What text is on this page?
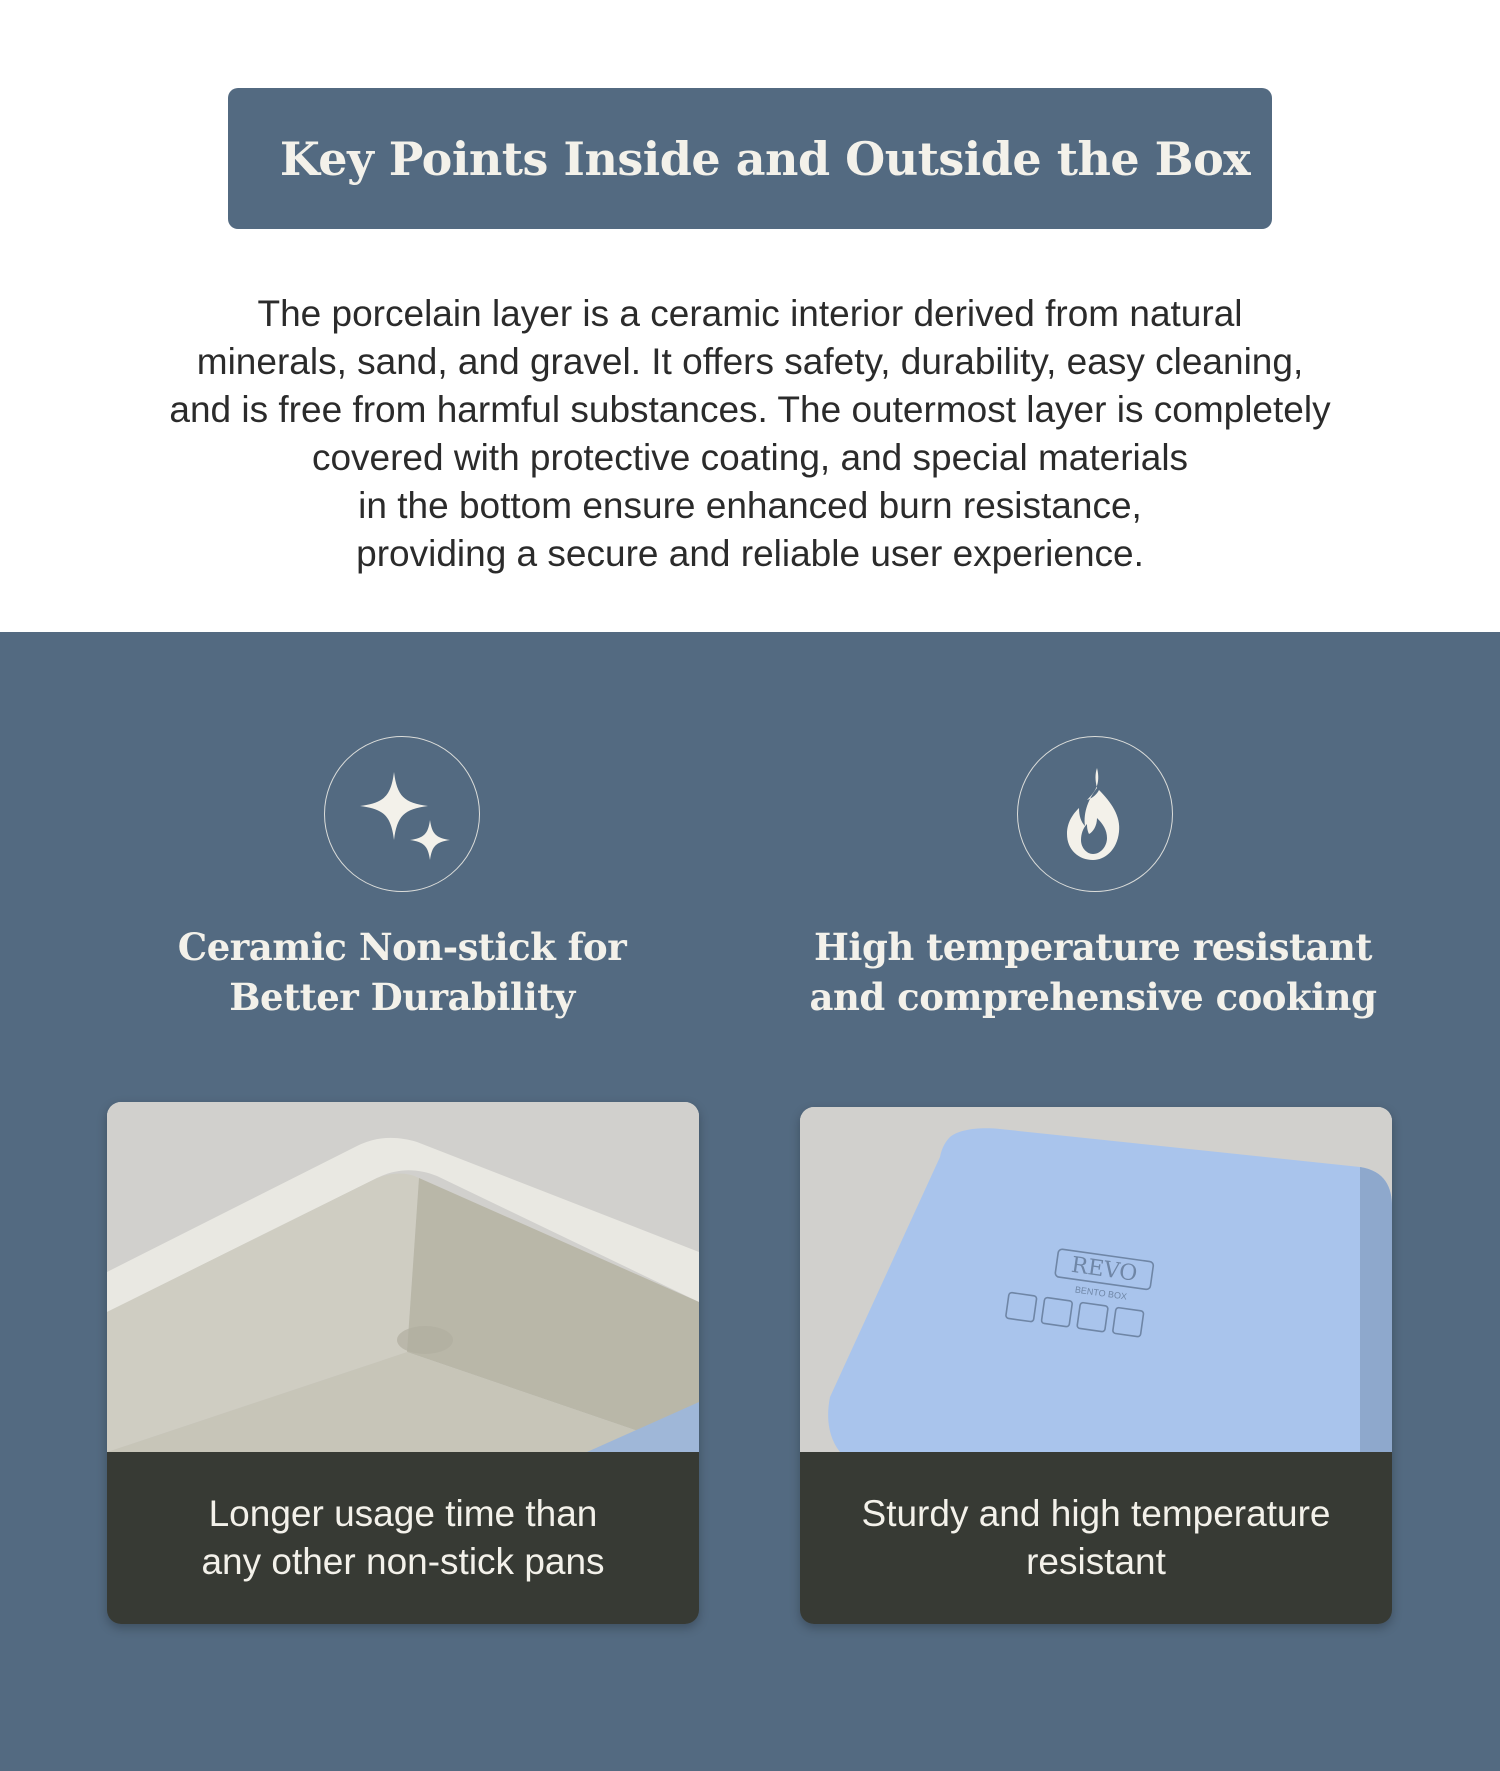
Key Points Inside and Outside the Box
The porcelain layer is a ceramic interior derived from natural
minerals, sand, and gravel. It offers safety, durability, easy cleaning,
and is free from harmful substances. The outermost layer is completely
covered with protective coating, and special materials
in the bottom ensure enhanced burn resistance,
providing a secure and reliable user experience.
Ceramic Non-stick for
Better Durability
High temperature resistant
and comprehensive cooking
Longer usage time than
any other non-stick pans
REVO
BENTO BOX
Sturdy and high temperature
resistant
